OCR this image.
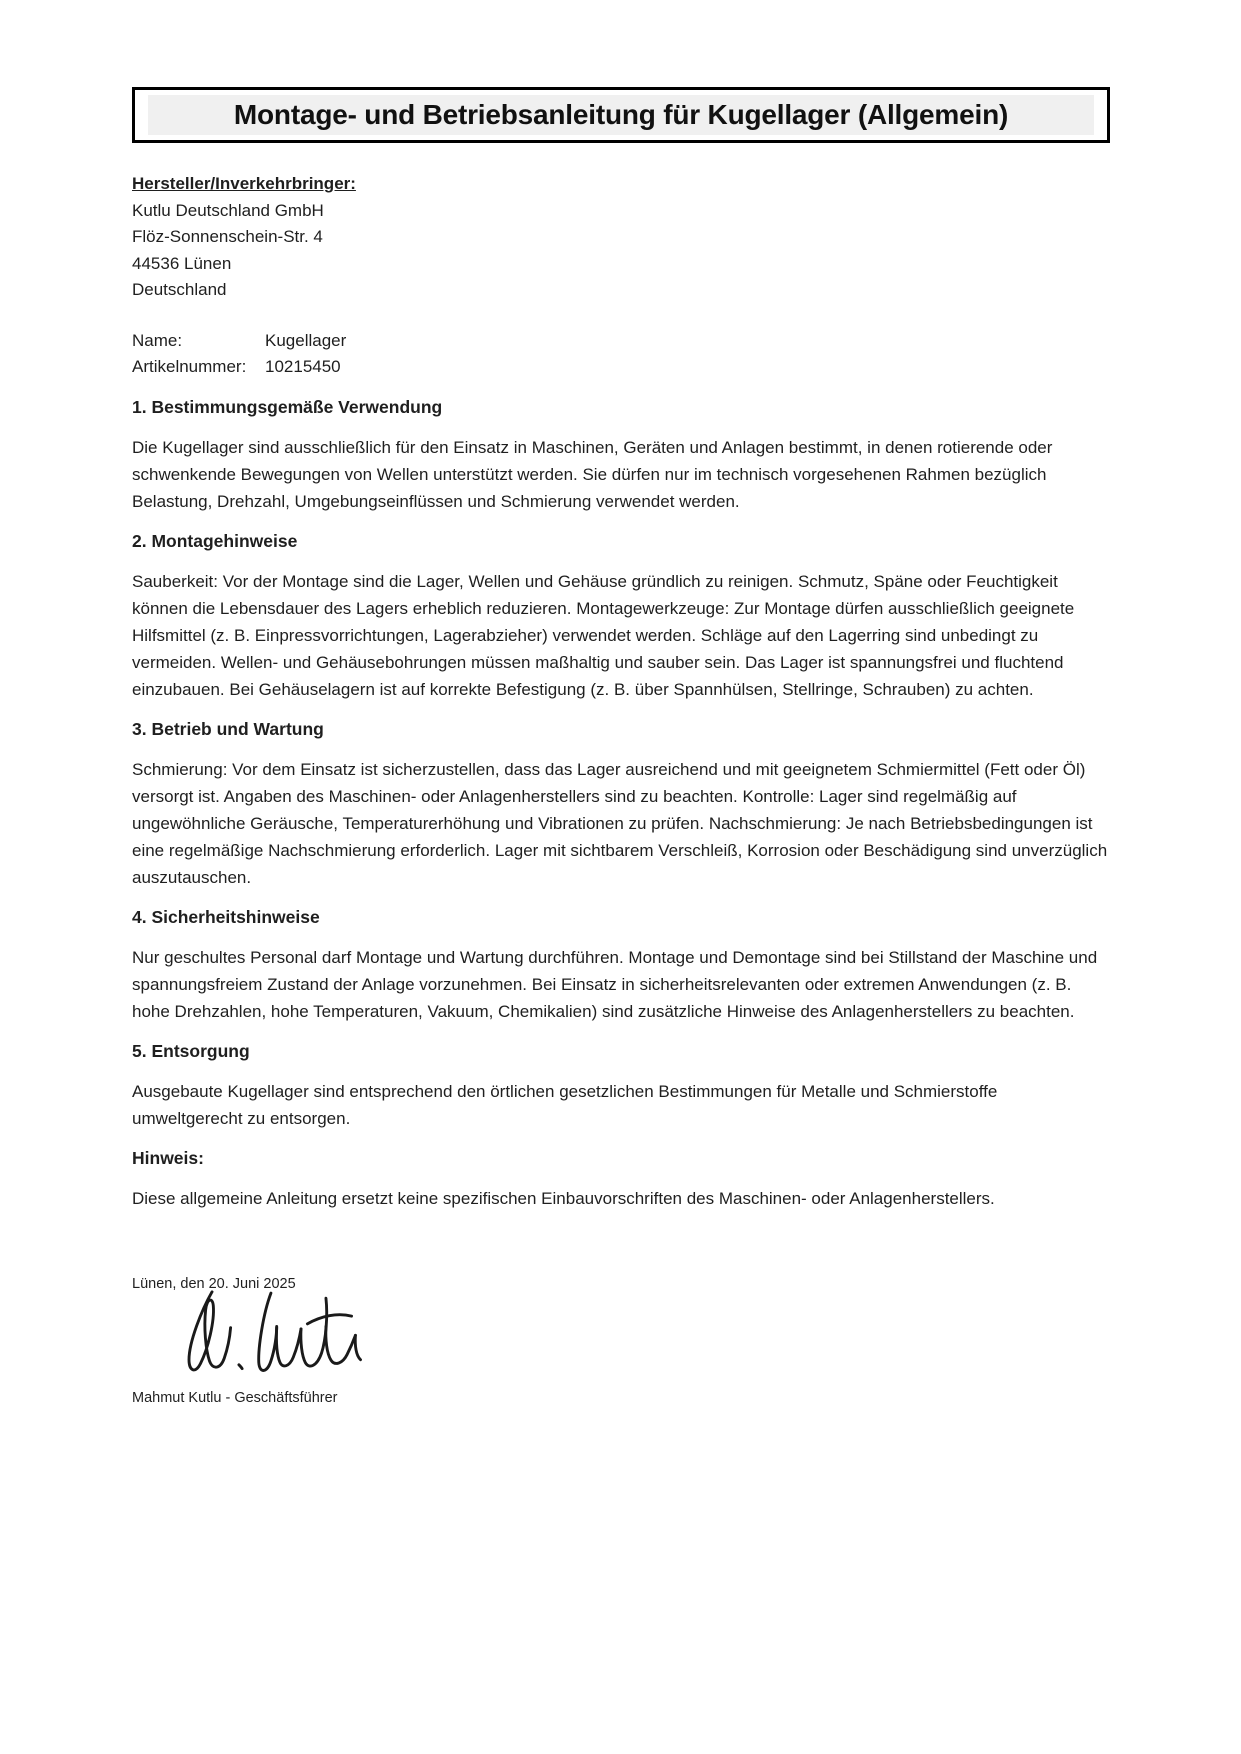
Montage- und Betriebsanleitung für Kugellager (Allgemein)
Hersteller/Inverkehrbringer:
Kutlu Deutschland GmbH
Flöz-Sonnenschein-Str. 4
44536 Lünen
Deutschland
Name:	Kugellager
Artikelnummer:	10215450
1. Bestimmungsgemäße Verwendung

Die Kugellager sind ausschließlich für den Einsatz in Maschinen, Geräten und Anlagen bestimmt, in denen rotierende oder schwenkende Bewegungen von Wellen unterstützt werden. Sie dürfen nur im technisch vorgesehenen Rahmen bezüglich Belastung, Drehzahl, Umgebungseinflüssen und Schmierung verwendet werden.

2. Montagehinweise

Sauberkeit: Vor der Montage sind die Lager, Wellen und Gehäuse gründlich zu reinigen. Schmutz, Späne oder Feuchtigkeit können die Lebensdauer des Lagers erheblich reduzieren. Montagewerkzeuge: Zur Montage dürfen ausschließlich geeignete Hilfsmittel (z. B. Einpressvorrichtungen, Lagerabzieher) verwendet werden. Schläge auf den Lagerring sind unbedingt zu vermeiden. Wellen- und Gehäusebohrungen müssen maßhaltig und sauber sein. Das Lager ist spannungsfrei und fluchtend einzubauen. Bei Gehäuselagern ist auf korrekte Befestigung (z. B. über Spannhülsen, Stellringe, Schrauben) zu achten.

3. Betrieb und Wartung

Schmierung: Vor dem Einsatz ist sicherzustellen, dass das Lager ausreichend und mit geeignetem Schmiermittel (Fett oder Öl) versorgt ist. Angaben des Maschinen- oder Anlagenherstellers sind zu beachten. Kontrolle: Lager sind regelmäßig auf ungewöhnliche Geräusche, Temperaturerhöhung und Vibrationen zu prüfen. Nachschmierung: Je nach Betriebsbedingungen ist eine regelmäßige Nachschmierung erforderlich. Lager mit sichtbarem Verschleiß, Korrosion oder Beschädigung sind unverzüglich auszutauschen.

4. Sicherheitshinweise

Nur geschultes Personal darf Montage und Wartung durchführen. Montage und Demontage sind bei Stillstand der Maschine und spannungsfreiem Zustand der Anlage vorzunehmen. Bei Einsatz in sicherheitsrelevanten oder extremen Anwendungen (z. B. hohe Drehzahlen, hohe Temperaturen, Vakuum, Chemikalien) sind zusätzliche Hinweise des Anlagenherstellers zu beachten.

5. Entsorgung

Ausgebaute Kugellager sind entsprechend den örtlichen gesetzlichen Bestimmungen für Metalle und Schmierstoffe umweltgerecht zu entsorgen.

Hinweis:

Diese allgemeine Anleitung ersetzt keine spezifischen Einbauvorschriften des Maschinen- oder Anlagenherstellers.

Lünen, den 20. Juni 2025
Mahmut Kutlu - Geschäftsführer
